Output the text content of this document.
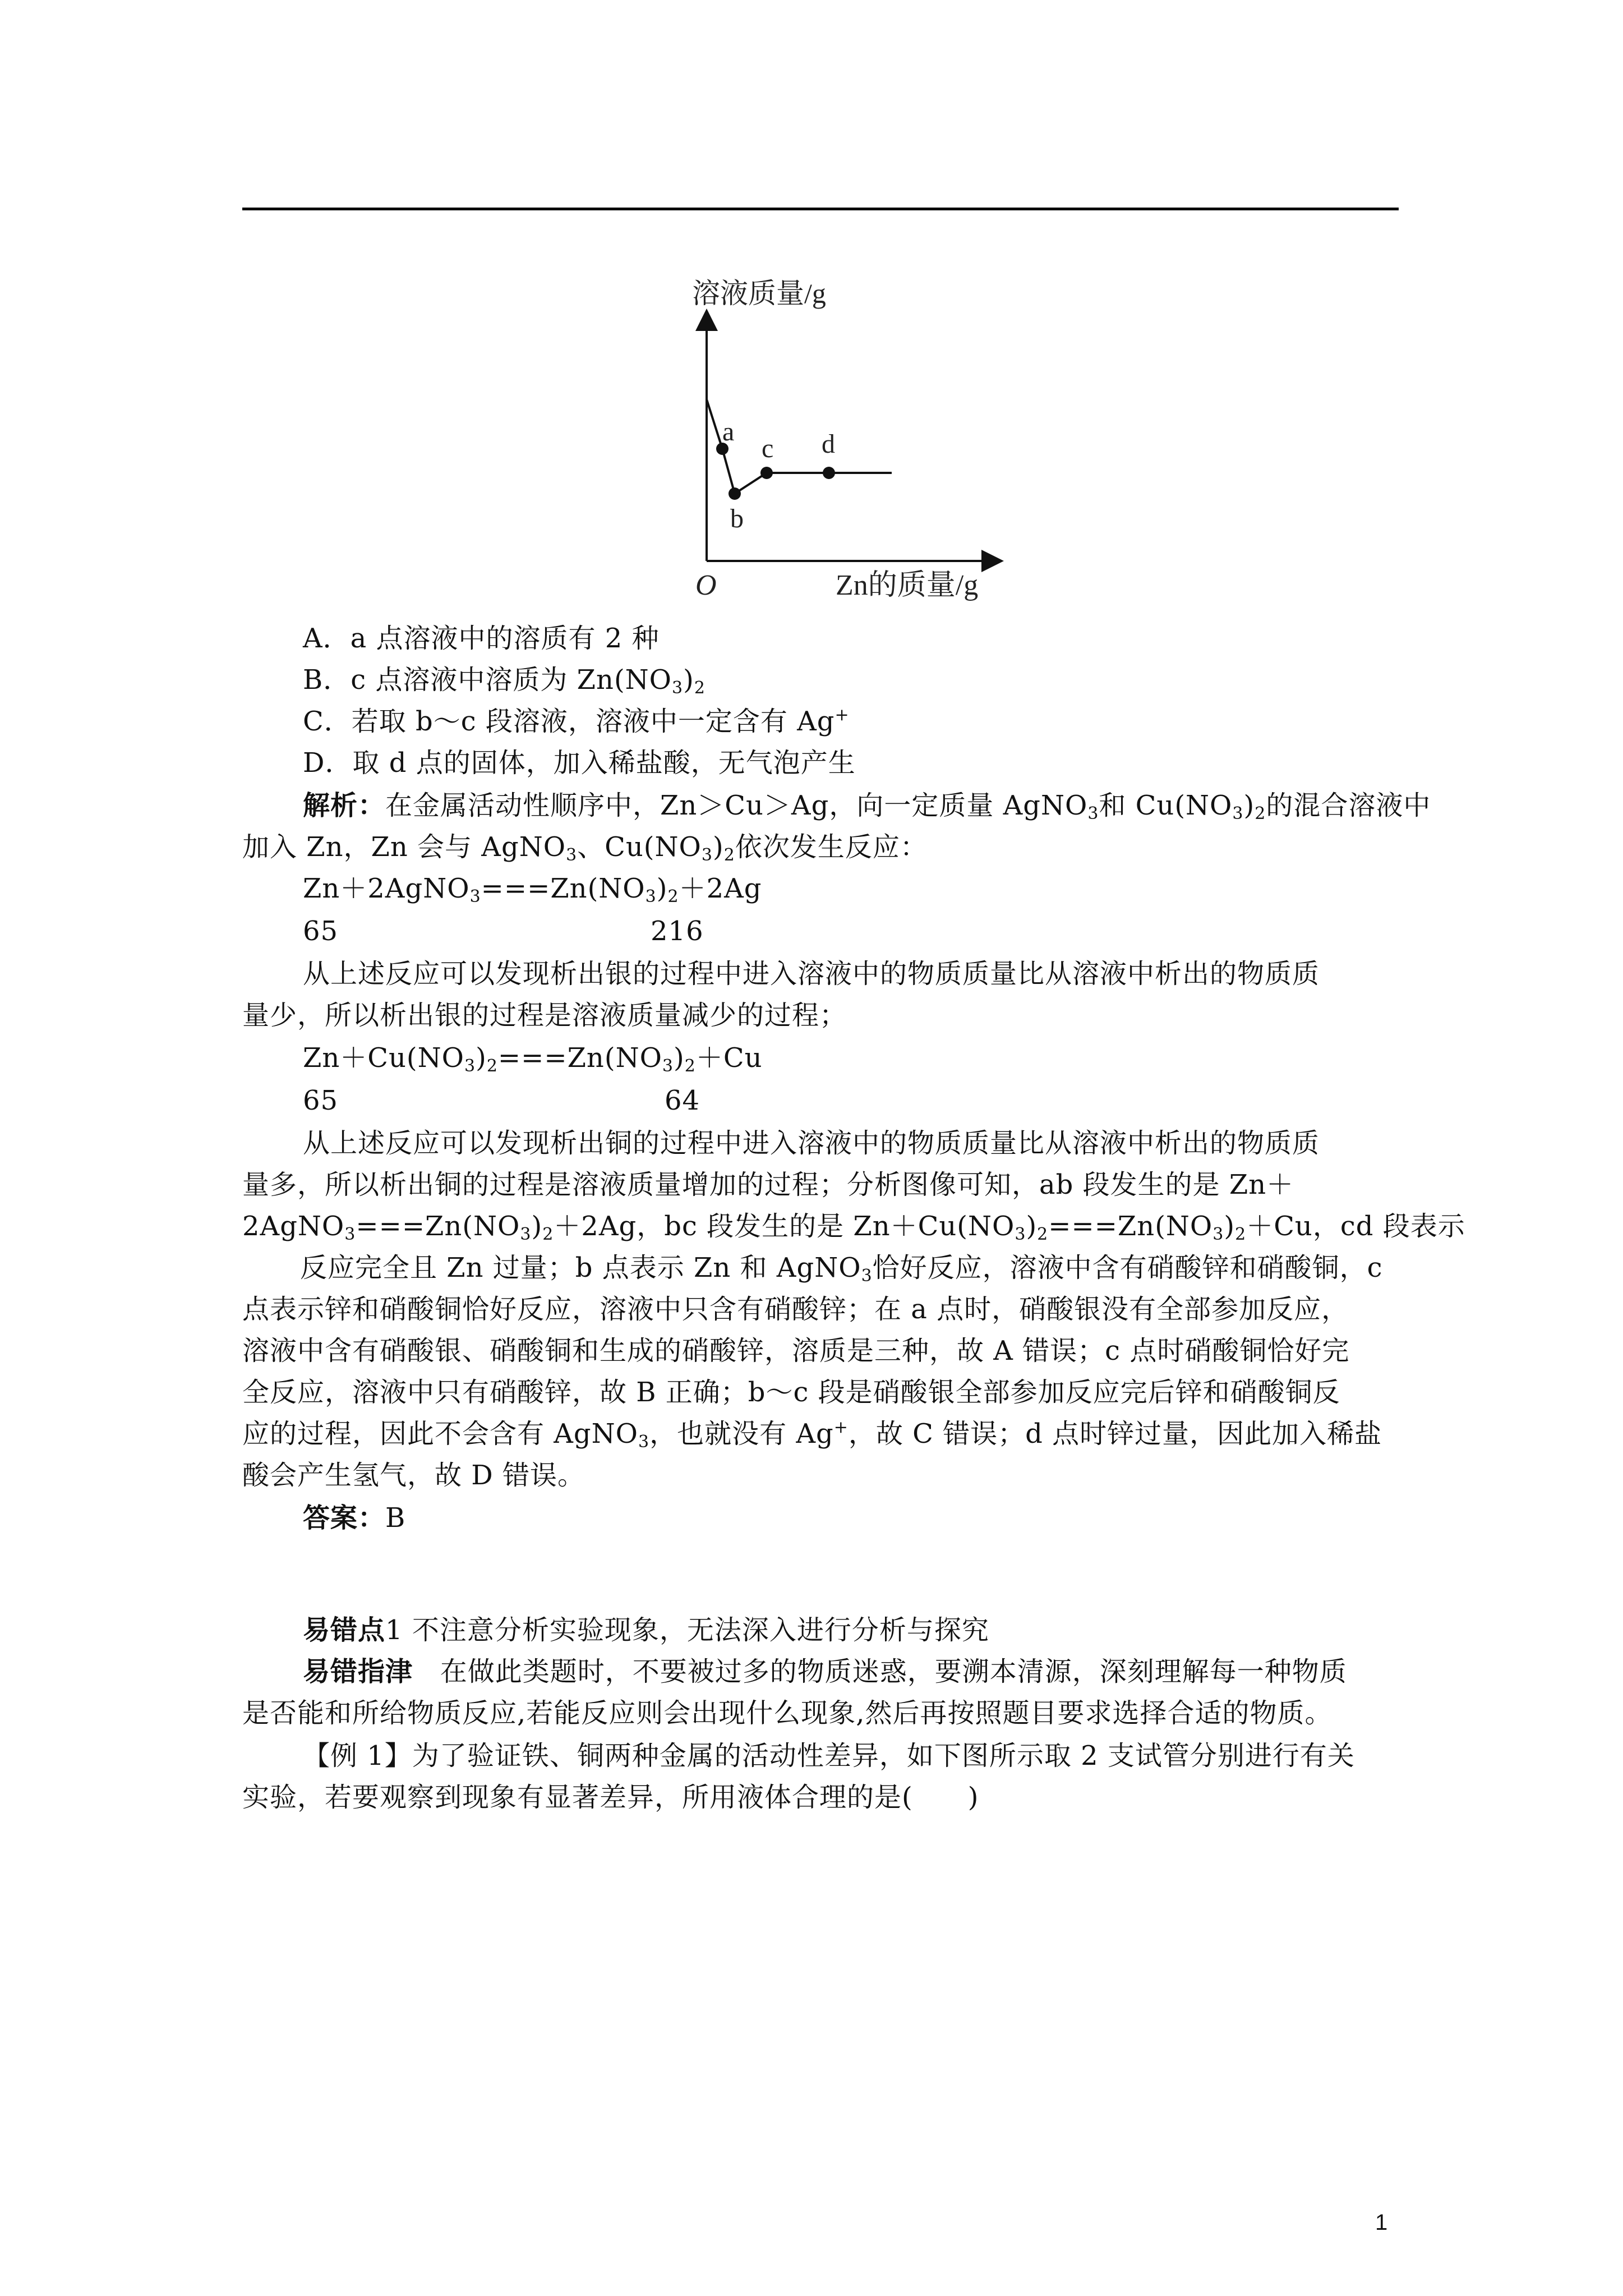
溶液质量/g
O	Zn的质量/g
a
b
c d
A．a 点溶液中的溶质有 2 种
B．c 点溶液中溶质为 $Zn(NO_3)_2$
C．若取 b～c 段溶液，溶液中一定含有 Ag+
D．取 d 点的固体，加入稀盐酸，无气泡产生
解析：在金属活动性顺序中，Zn＞Cu＞Ag，向一定质量 AgNO$_3$和 $Cu(NO_3)_2$的混合溶液中
加入 Zn，Zn 会与 AgNO$_3$、$Cu(NO_3)_2$依次发生反应：
$Zn+2AgNO_3===Zn(NO_3)_2+2Ag$
65	216
从上述反应可以发现析出银的过程中进入溶液中的物质质量比从溶液中析出的物质质
量少，所以析出银的过程是溶液质量减少的过程；
$Zn+Cu(NO_3)_2===Zn(NO_3)_2+Cu$
65	64
从上述反应可以发现析出铜的过程中进入溶液中的物质质量比从溶液中析出的物质质
量多，所以析出铜的过程是溶液质量增加的过程；分析图像可知，ab 段发生的是 Zn＋
$2AgNO_3===Zn(NO_3)_2+2Ag$，bc 段发生的是 $Zn+Cu(NO_3)_2===Zn(NO_3)_2+Cu$，cd 段表示
反应完全且 Zn 过量；b 点表示 Zn 和 AgNO$_3$恰好反应，溶液中含有硝酸锌和硝酸铜，c
点表示锌和硝酸铜恰好反应，溶液中只含有硝酸锌；在 a 点时，硝酸银没有全部参加反应，
溶液中含有硝酸银、硝酸铜和生成的硝酸锌，溶质是三种，故 A 错误；c 点时硝酸铜恰好完
全反应，溶液中只有硝酸锌，故 B 正确；b～c 段是硝酸银全部参加反应完后锌和硝酸铜反
应的过程，因此不会含有 AgNO$_3$，也就没有 Ag+，故 C 错误；d 点时锌过量，因此加入稀盐
酸会产生氢气，故 D 错误。
答案：B
易错点1 不注意分析实验现象，无法深入进行分析与探究
易错指津 在做此类题时，不要被过多的物质迷惑，要溯本清源，深刻理解每一种物质
是否能和所给物质反应,若能反应则会出现什么现象,然后再按照题目要求选择合适的物质。
【例 1】为了验证铁、铜两种金属的活动性差异，如下图所示取 2 支试管分别进行有关
实验，若要观察到现象有显著差异，所用液体合理的是(　　)
1
